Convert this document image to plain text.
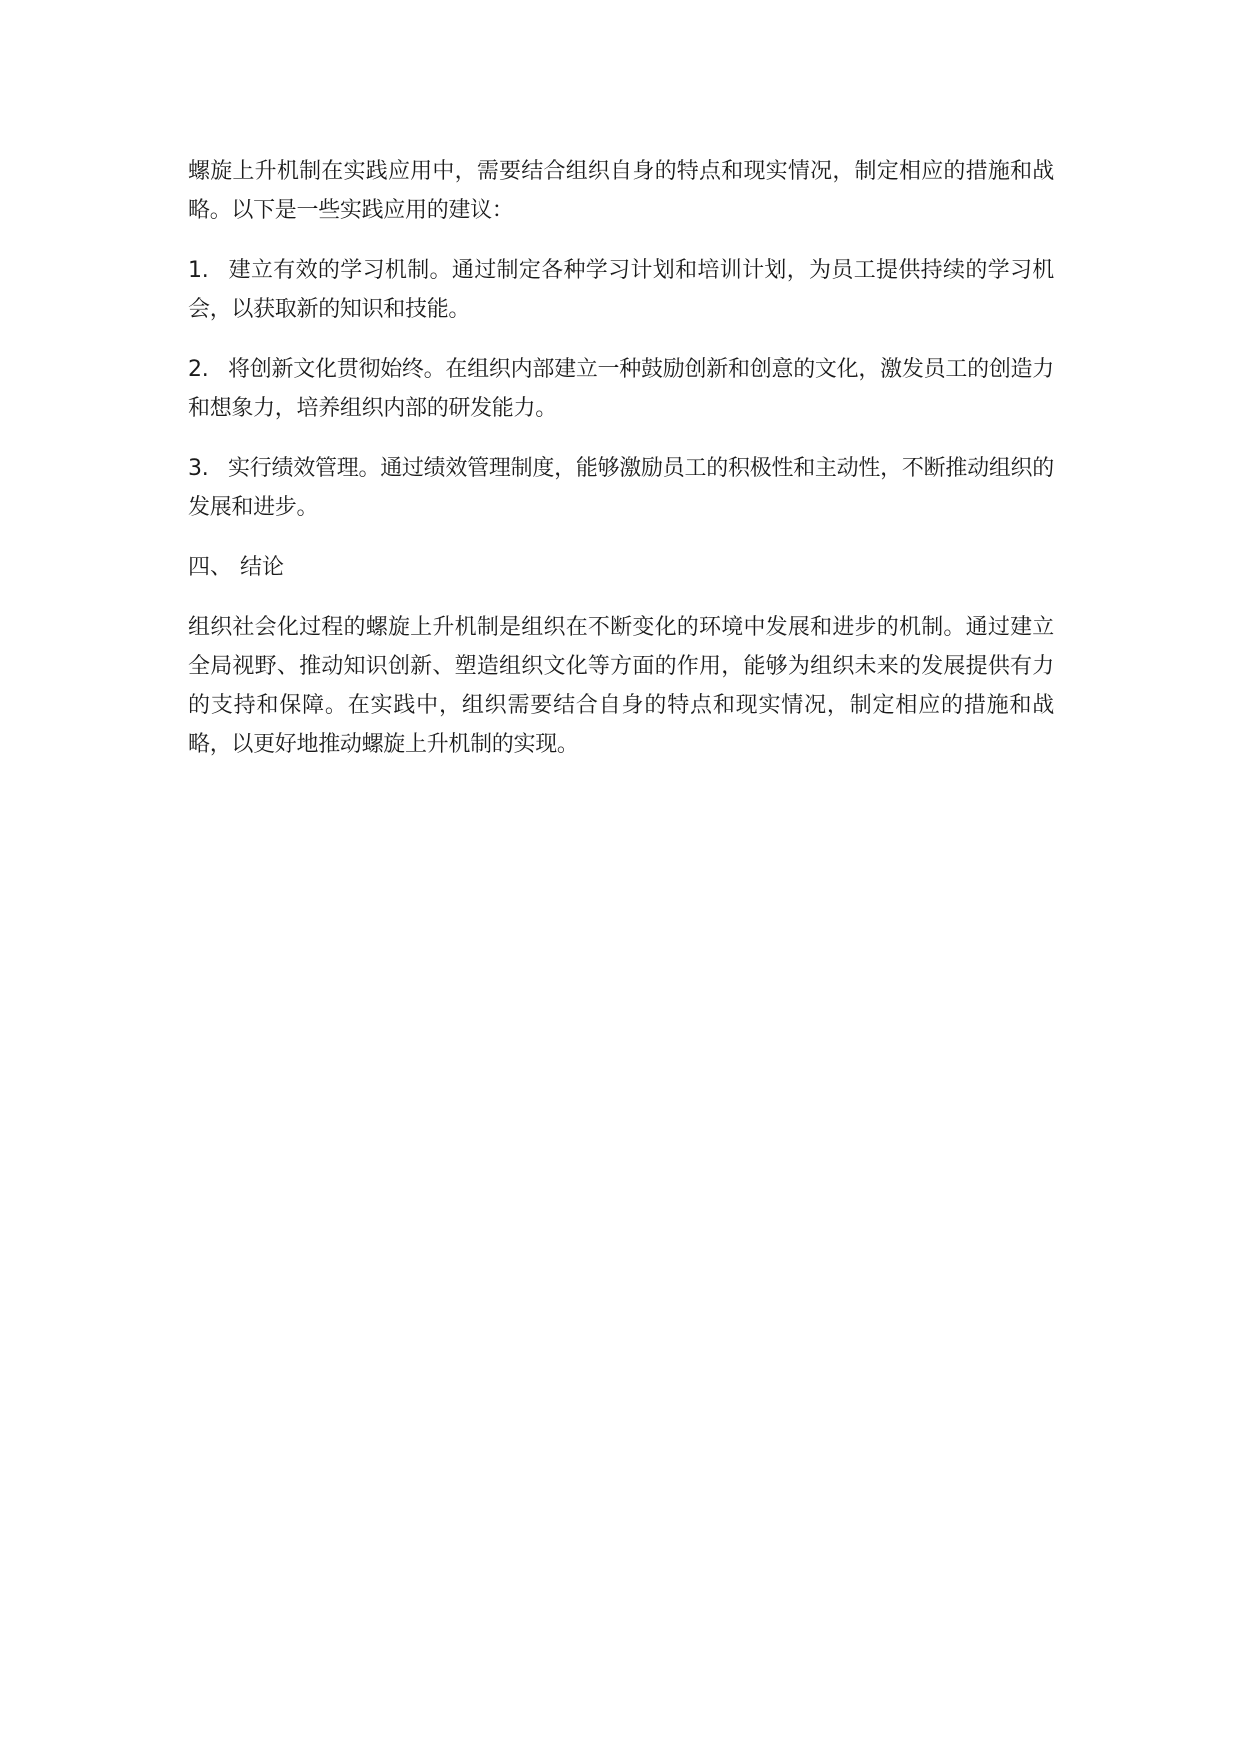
螺旋上升机制在实践应用中，需要结合组织自身的特点和现实情况，制定相应的措施和战略。以下是一些实践应用的建议：

1. 建立有效的学习机制。通过制定各种学习计划和培训计划，为员工提供持续的学习机会，以获取新的知识和技能。

2. 将创新文化贯彻始终。在组织内部建立一种鼓励创新和创意的文化，激发员工的创造力和想象力，培养组织内部的研发能力。

3. 实行绩效管理。通过绩效管理制度，能够激励员工的积极性和主动性，不断推动组织的发展和进步。

四、 结论

组织社会化过程的螺旋上升机制是组织在不断变化的环境中发展和进步的机制。通过建立全局视野、推动知识创新、塑造组织文化等方面的作用，能够为组织未来的发展提供有力的支持和保障。在实践中，组织需要结合自身的特点和现实情况，制定相应的措施和战略，以更好地推动螺旋上升机制的实现。
